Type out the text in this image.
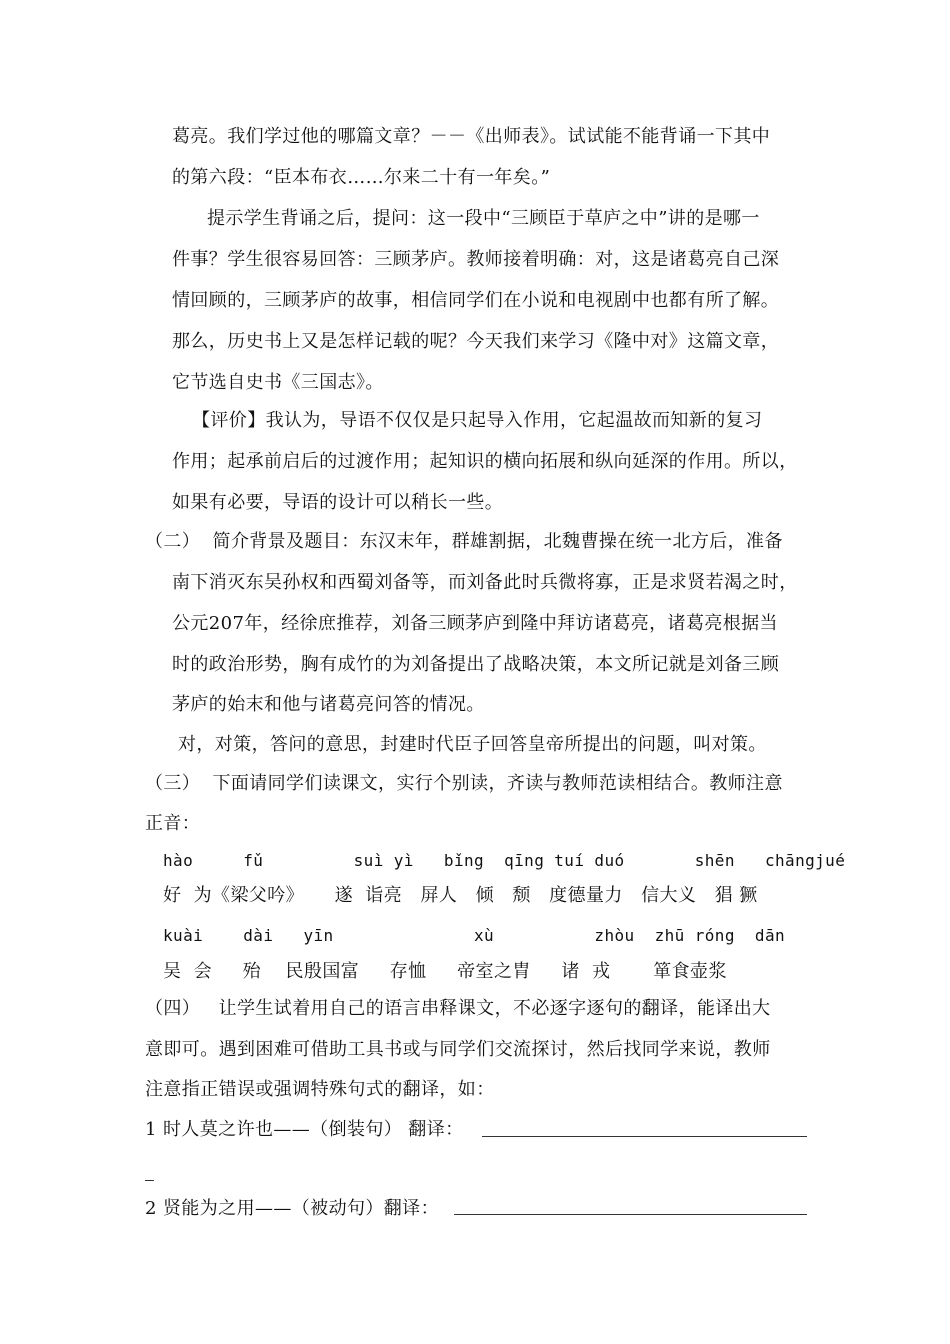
葛亮。我们学过他的哪篇文章？－－《出师表》。试试能不能背诵一下其中
的第六段：“臣本布衣……尔来二十有一年矣。”
提示学生背诵之后，提问：这一段中“三顾臣于草庐之中”讲的是哪一
件事？学生很容易回答：三顾茅庐。教师接着明确：对，这是诸葛亮自己深
情回顾的，三顾茅庐的故事，相信同学们在小说和电视剧中也都有所了解。
那么，历史书上又是怎样记载的呢？今天我们来学习《隆中对》这篇文章，
它节选自史书《三国志》。
【评价】我认为，导语不仅仅是只起导入作用，它起温故而知新的复习
作用；起承前启后的过渡作用；起知识的横向拓展和纵向延深的作用。所以，
如果有必要，导语的设计可以稍长一些。
（二）  简介背景及题目：东汉末年，群雄割据，北魏曹操在统一北方后，准备
南下消灭东吴孙权和西蜀刘备等，而刘备此时兵微将寡，正是求贤若渴之时，
公元207年，经徐庶推荐，刘备三顾茅庐到隆中拜访诸葛亮，诸葛亮根据当
时的政治形势，胸有成竹的为刘备提出了战略决策，本文所记就是刘备三顾
茅庐的始末和他与诸葛亮问答的情况。
对，对策，答问的意思，封建时代臣子回答皇帝所提出的问题，叫对策。
（三）  下面请同学们读课文，实行个别读，齐读与教师范读相结合。教师注意
正音：
hào     fǔ         suì yì   bǐng  qīng tuí duó       shēn   chāngjué
好  为《梁父吟》     遂  诣亮   屏人   倾   颓   度德量力   信大义   猖 獗
kuài    dài   yīn              xù          zhòu  zhū róng  dān
吴  会     殆    民殷国富     存恤     帝室之胄     诸  戎       箪食壶浆
（四）   让学生试着用自己的语言串释课文，不必逐字逐句的翻译，能译出大
意即可。遇到困难可借助工具书或与同学们交流探讨，然后找同学来说，教师
注意指正错误或强调特殊句式的翻译，如：
1 时人莫之许也——（倒装句） 翻译：
2 贤能为之用——（被动句）翻译：
